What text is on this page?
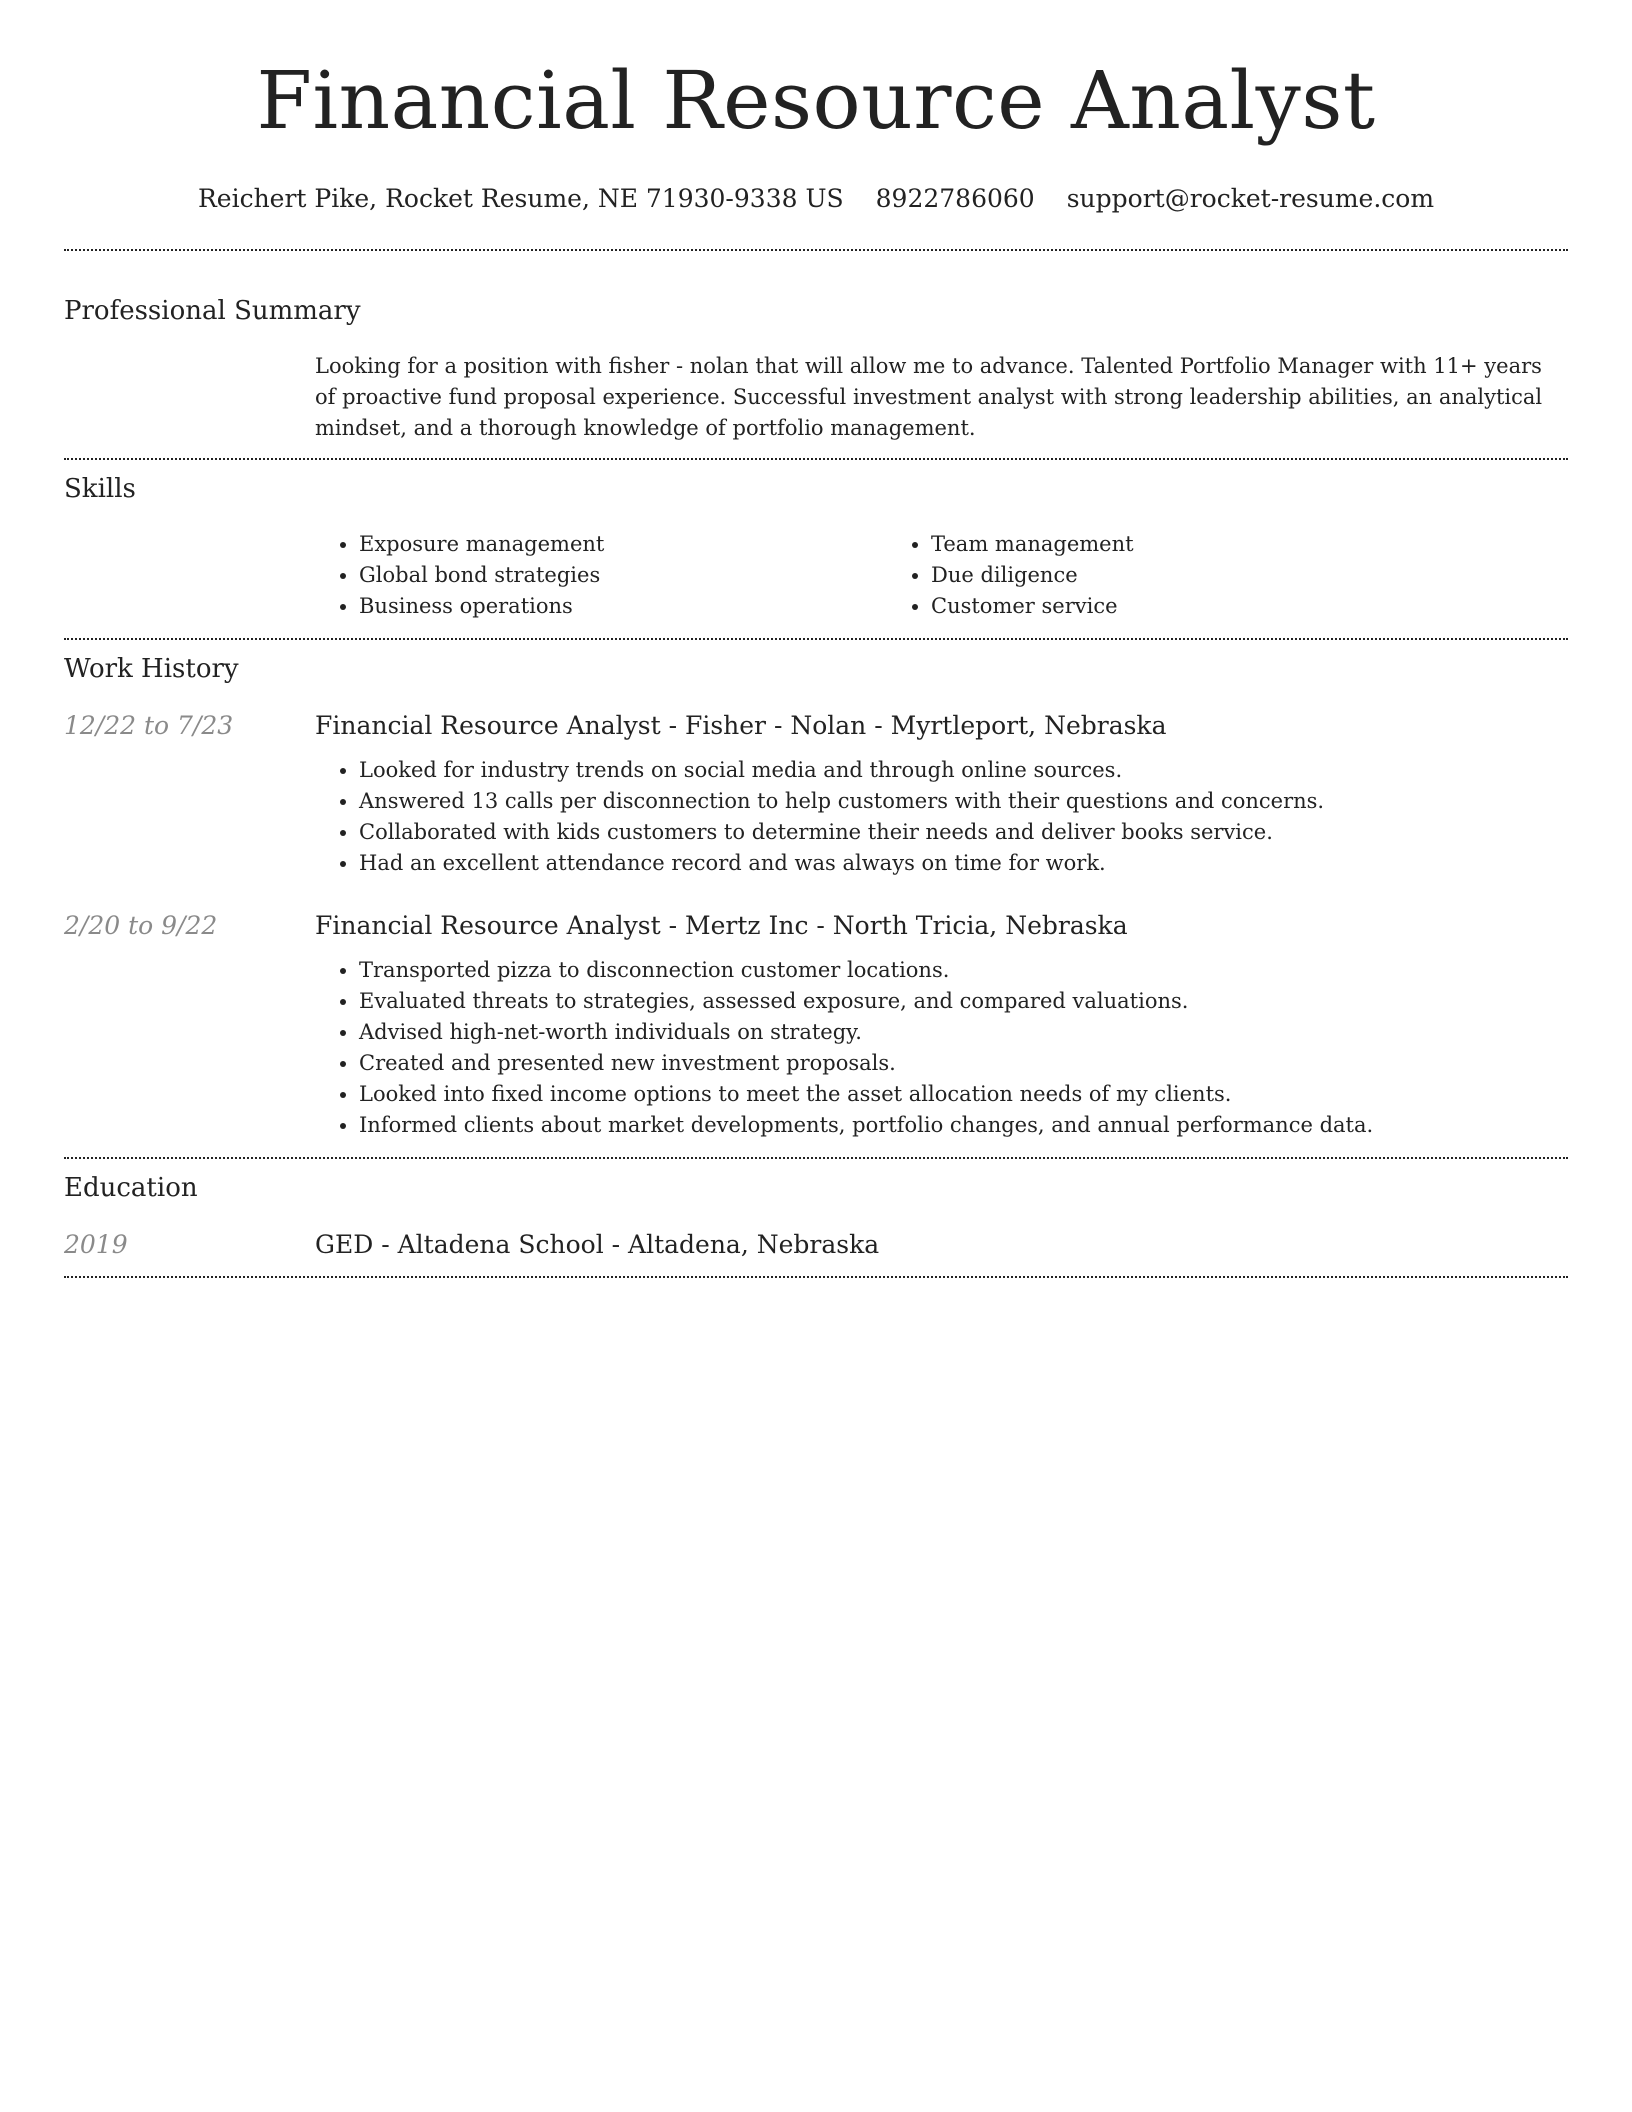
Financial Resource Analyst
Reichert Pike, Rocket Resume, NE 71930-9338 US 8922786060 support@rocket-resume.com
Professional Summary

Looking for a position with fisher - nolan that will allow me to advance. Talented Portfolio Manager with 11+ years of proactive fund proposal experience. Successful investment analyst with strong leadership abilities, an analytical mindset, and a thorough knowledge of portfolio management.

Skills
• Exposure management
• Global bond strategies
• Business operations
• Team management
• Due diligence
• Customer service
Work History
12/22 to 7/23	Financial Resource Analyst - Fisher - Nolan - Myrtleport, Nebraska
• Looked for industry trends on social media and through online sources.
• Answered 13 calls per disconnection to help customers with their questions and concerns.
• Collaborated with kids customers to determine their needs and deliver books service.
• Had an excellent attendance record and was always on time for work.
2/20 to 9/22	Financial Resource Analyst - Mertz Inc - North Tricia, Nebraska
• Transported pizza to disconnection customer locations.
• Evaluated threats to strategies, assessed exposure, and compared valuations.
• Advised high-net-worth individuals on strategy.
• Created and presented new investment proposals.
• Looked into fixed income options to meet the asset allocation needs of my clients.
• Informed clients about market developments, portfolio changes, and annual performance data.
Education
2019	GED - Altadena School - Altadena, Nebraska
